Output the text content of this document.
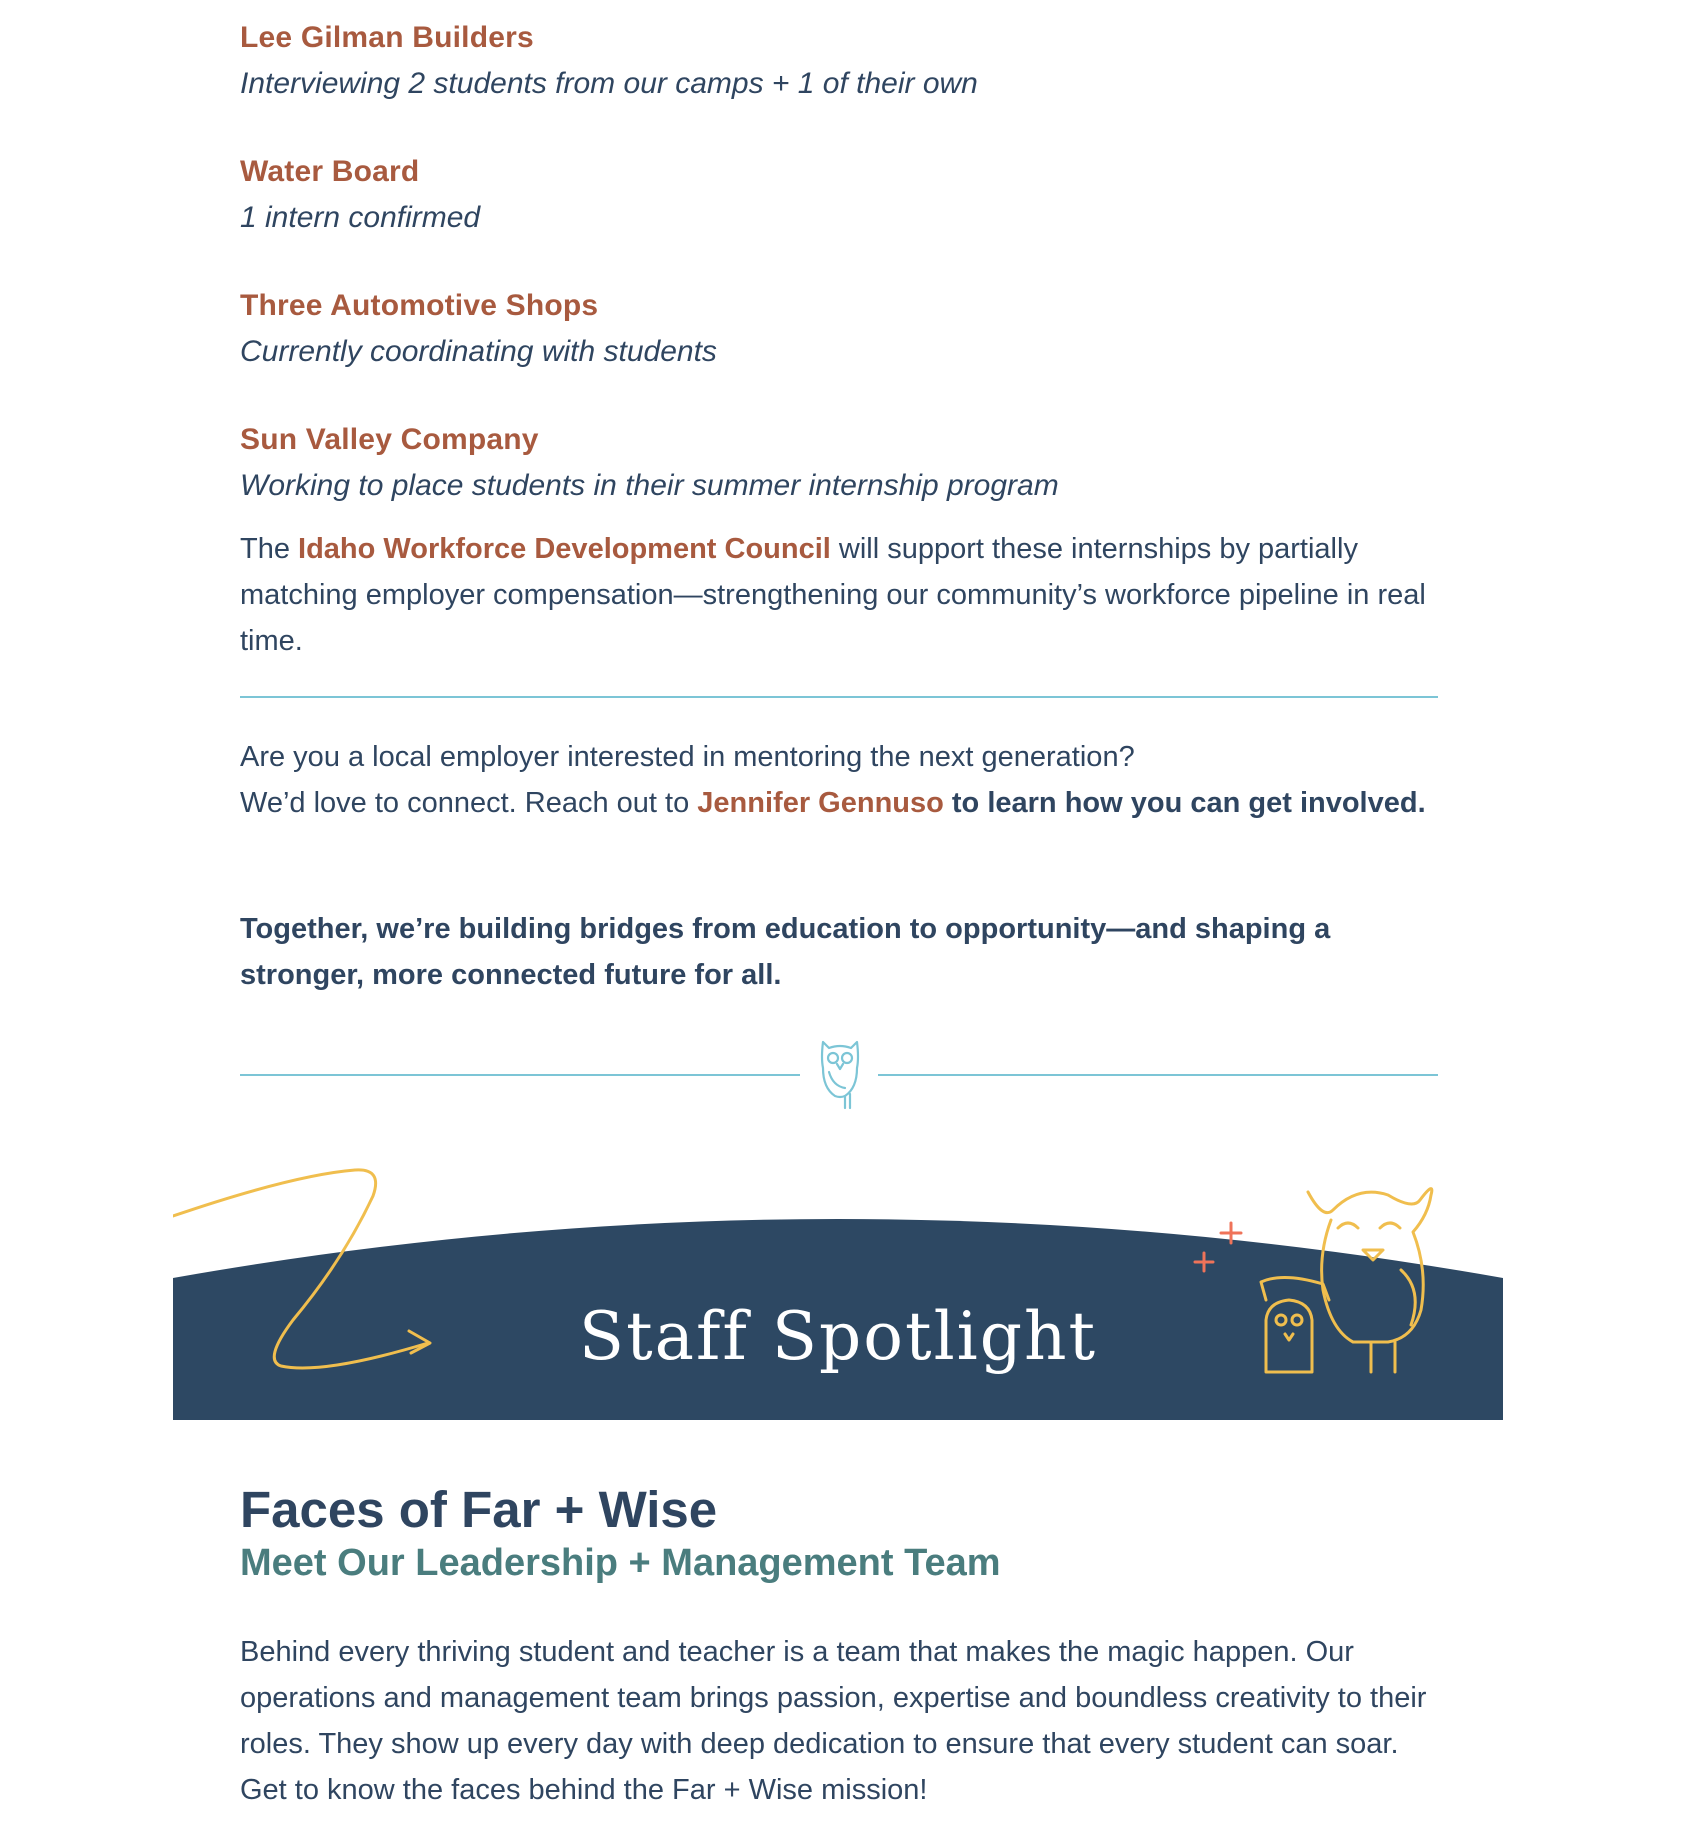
Lee Gilman Builders
Interviewing 2 students from our camps + 1 of their own
Water Board
1 intern confirmed
Three Automotive Shops
Currently coordinating with students
Sun Valley Company
Working to place students in their summer internship program
The Idaho Workforce Development Council will support these internships by partially matching employer compensation—strengthening our community’s workforce pipeline in real time.
Are you a local employer interested in mentoring the next generation?
We’d love to connect. Reach out to Jennifer Gennuso to learn how you can get involved.
Together, we’re building bridges from education to opportunity—and shaping a stronger, more connected future for all.
Staff Spotlight
Faces of Far + Wise
Meet Our Leadership + Management Team
Behind every thriving student and teacher is a team that makes the magic happen. Our operations and management team brings passion, expertise and boundless creativity to their roles. They show up every day with deep dedication to ensure that every student can soar. Get to know the faces behind the Far + Wise mission!
